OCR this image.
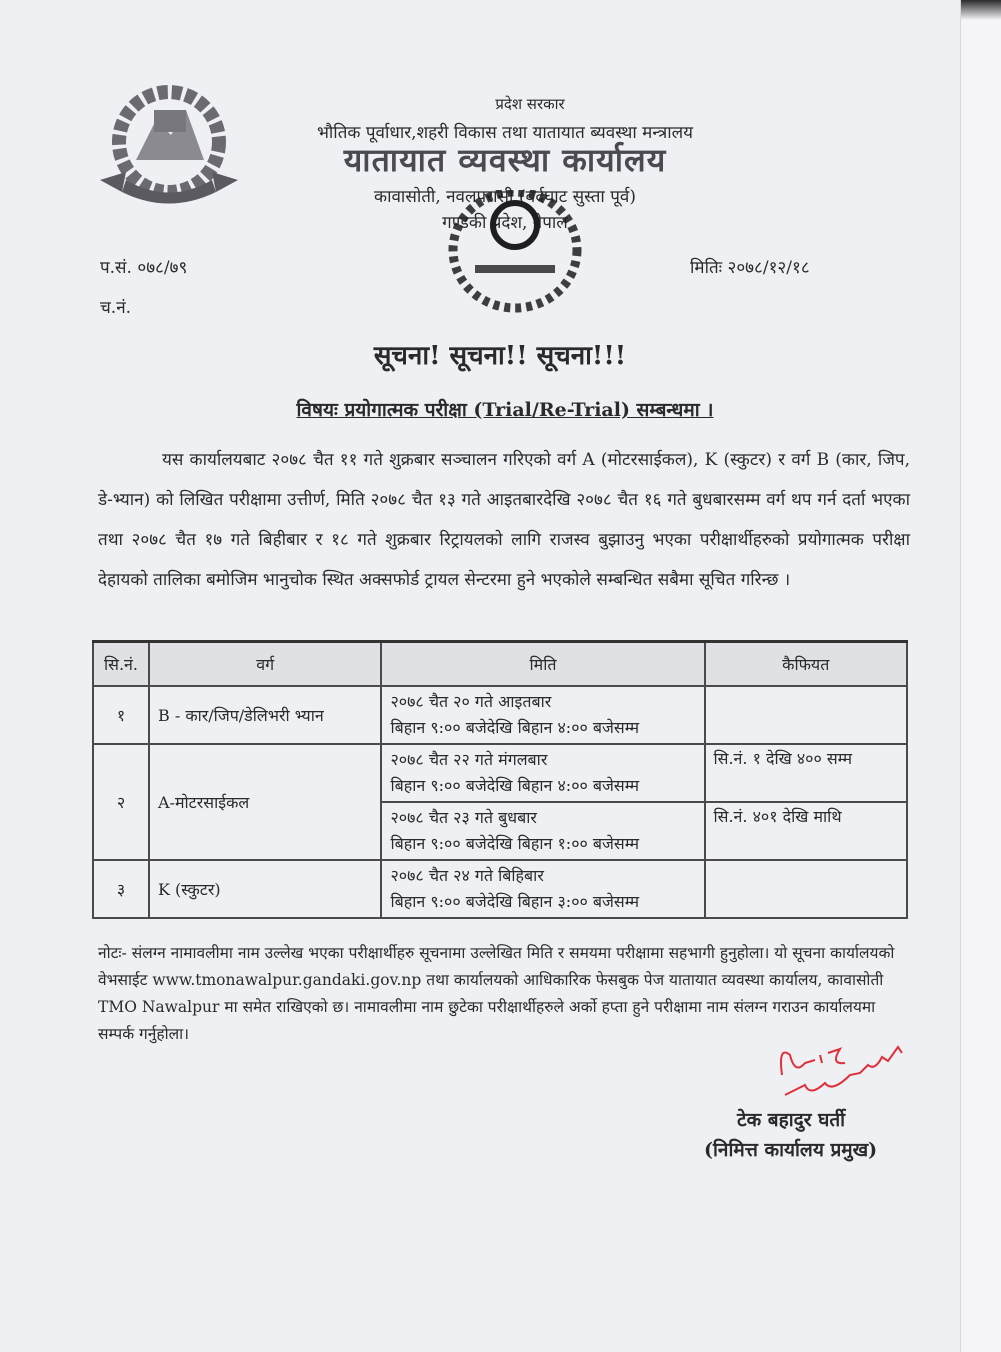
प्रदेश सरकार
भौतिक पूर्वाधार,शहरी विकास तथा यातायात ब्यवस्था मन्त्रालय
यातायात व्यवस्था कार्यालय
कावासोती, नवलपरासी (बर्दघाट सुस्ता पूर्व)
गण्डकी प्रदेश, नेपाल
प.सं. ०७८/७९
च.नं.
मितिः २०७८/१२/१८
सूचना! सूचना!! सूचना!!!
विषयः प्रयोगात्मक परीक्षा (Trial/Re-Trial) सम्बन्धमा ।

यस कार्यालयबाट २०७८ चैत ११ गते शुक्रबार सञ्चालन गरिएको वर्ग A (मोटरसाईकल), K (स्कुटर) र वर्ग B (कार, जिप, डे-भ्यान) को लिखित परीक्षामा उत्तीर्ण, मिति २०७८ चैत १३ गते आइतबारदेखि २०७८ चैत १६ गते बुधबारसम्म वर्ग थप गर्न दर्ता भएका तथा २०७८ चैत १७ गते बिहीबार र १८ गते शुक्रबार रिट्रायलको लागि राजस्व बुझाउनु भएका परीक्षार्थीहरुको प्रयोगात्मक परीक्षा देहायको तालिका बमोजिम भानुचोक स्थित अक्सफोर्ड ट्रायल सेन्टरमा हुने भएकोले सम्बन्धित सबैमा सूचित गरिन्छ ।

सि.नं.	वर्ग	मिति	कैफियत
१	B - कार/जिप/डेलिभरी भ्यान	२०७८ चैत २० गते आइतबार
बिहान ९:०० बजेदेखि बिहान ४:०० बजेसम्म	

२	A-मोटरसाईकल	२०७८ चैत २२ गते मंगलबार
बिहान ९:०० बजेदेखि बिहान ४:०० बजेसम्म	सि.नं. १ देखि ४०० सम्म

		२०७८ चैत २३ गते बुधबार
बिहान ९:०० बजेदेखि बिहान १:०० बजेसम्म	सि.नं. ४०१ देखि माथि
३	K (स्कुटर)	२०७८ चैत २४ गते बिहिबार
बिहान ९:०० बजेदेखि बिहान ३:०० बजेसम्म	

नोटः- संलग्न नामावलीमा नाम उल्लेख भएका परीक्षार्थीहरु सूचनामा उल्लेखित मिति र समयमा परीक्षामा सहभागी हुनुहोला। यो सूचना कार्यालयको वेभसाईट www.tmonawalpur.gandaki.gov.np तथा कार्यालयको आधिकारिक फेसबुक पेज यातायात व्यवस्था कार्यालय, कावासोती TMO Nawalpur मा समेत राखिएको छ। नामावलीमा नाम छुटेका परीक्षार्थीहरुले अर्को हप्ता हुने परीक्षामा नाम संलग्न गराउन कार्यालयमा सम्पर्क गर्नुहोला।
टेक बहादुर घर्ती
(निमित्त कार्यालय प्रमुख)
